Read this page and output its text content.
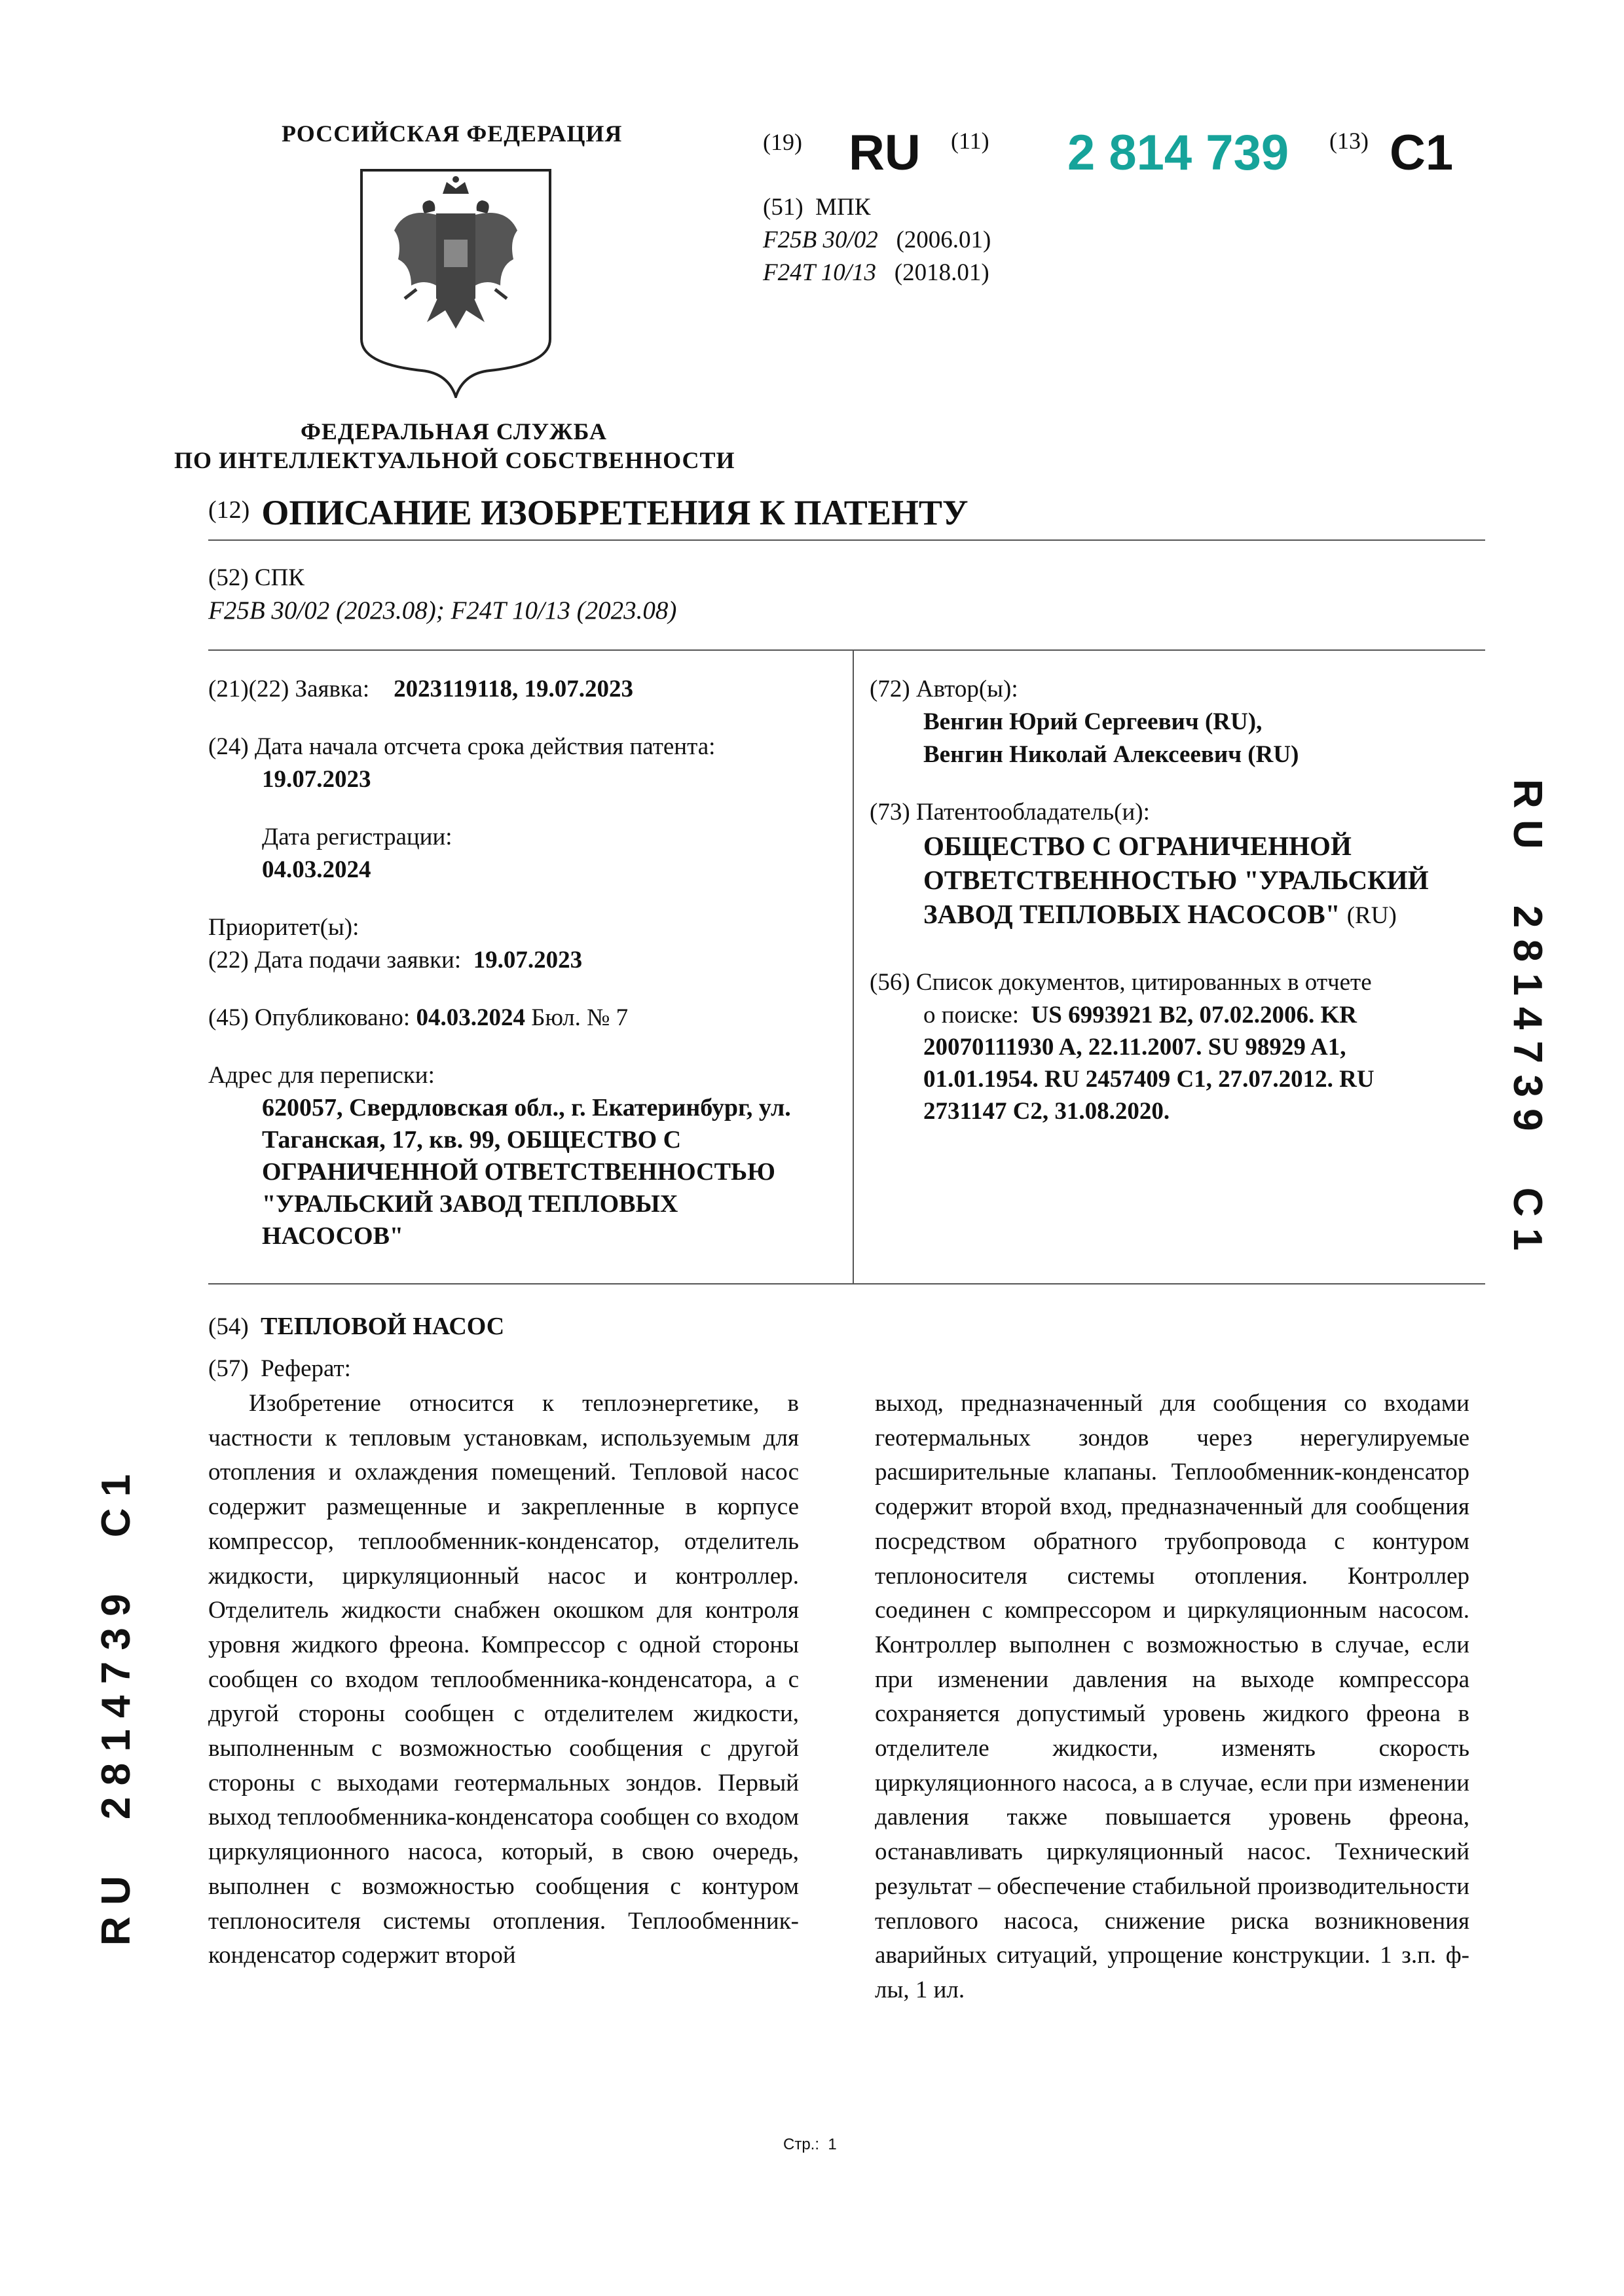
РОССИЙСКАЯ ФЕДЕРАЦИЯ
ФЕДЕРАЛЬНАЯ СЛУЖБА
ПО ИНТЕЛЛЕКТУАЛЬНОЙ СОБСТВЕННОСТИ
(19) RU (11) 2 814 739 (13) C1
(51) МПК
F25B 30/02 (2006.01)
F24T 10/13 (2018.01)
(12) ОПИСАНИЕ ИЗОБРЕТЕНИЯ К ПАТЕНТУ
(52) СПК
F25B 30/02 (2023.08); F24T 10/13 (2023.08)
(21)(22) Заявка: 2023119118, 19.07.2023
(24) Дата начала отсчета срока действия патента:
19.07.2023
Дата регистрации:
04.03.2024
Приоритет(ы):
(22) Дата подачи заявки: 19.07.2023
(45) Опубликовано: 04.03.2024 Бюл. № 7
Адрес для переписки:
620057, Свердловская обл., г. Екатеринбург, ул.
Таганская, 17, кв. 99, ОБЩЕСТВО С
ОГРАНИЧЕННОЙ ОТВЕТСТВЕННОСТЬЮ
"УРАЛЬСКИЙ ЗАВОД ТЕПЛОВЫХ
НАСОСОВ"
(72) Автор(ы):
Венгин Юрий Сергеевич (RU),
Венгин Николай Алексеевич (RU)
(73) Патентообладатель(и):
ОБЩЕСТВО С ОГРАНИЧЕННОЙ
ОТВЕТСТВЕННОСТЬЮ "УРАЛЬСКИЙ
ЗАВОД ТЕПЛОВЫХ НАСОСОВ" (RU)
(56) Список документов, цитированных в отчете
о поиске: US 6993921 B2, 07.02.2006. KR
20070111930 A, 22.11.2007. SU 98929 A1,
01.01.1954. RU 2457409 C1, 27.07.2012. RU
2731147 C2, 31.08.2020.
(54) ТЕПЛОВОЙ НАСОС
(57) Реферат:

Изобретение относится к теплоэнергетике, в частности к тепловым установкам, используемым для отопления и охлаждения помещений. Тепловой насос содержит размещенные и закрепленные в корпусе компрессор, теплообменник-конденсатор, отделитель жидкости, циркуляционный насос и контроллер. Отделитель жидкости снабжен окошком для контроля уровня жидкого фреона. Компрессор с одной стороны сообщен со входом теплообменника-конденсатора, а с другой стороны сообщен с отделителем жидкости, выполненным с возможностью сообщения с другой стороны с выходами геотермальных зондов. Первый выход теплообменника-конденсатора сообщен со входом циркуляционного насоса, который, в свою очередь, выполнен с возможностью сообщения с контуром теплоносителя системы отопления. Теплообменник-конденсатор содержит второй

выход, предназначенный для сообщения со входами геотермальных зондов через нерегулируемые расширительные клапаны. Теплообменник-конденсатор содержит второй вход, предназначенный для сообщения посредством обратного трубопровода с контуром теплоносителя системы отопления. Контроллер соединен с компрессором и циркуляционным насосом. Контроллер выполнен с возможностью в случае, если при изменении давления на выходе компрессора сохраняется допустимый уровень жидкого фреона в отделителе жидкости, изменять скорость циркуляционного насоса, а в случае, если при изменении давления также повышается уровень фреона, останавливать циркуляционный насос. Технический результат – обеспечение стабильной производительности теплового насоса, снижение риска возникновения аварийных ситуаций, упрощение конструкции. 1 з.п. ф-лы, 1 ил.

R U     2 8 1 4 7 3 9     C 1
R U     2 8 1 4 7 3 9     C 1
Стр.: 1
